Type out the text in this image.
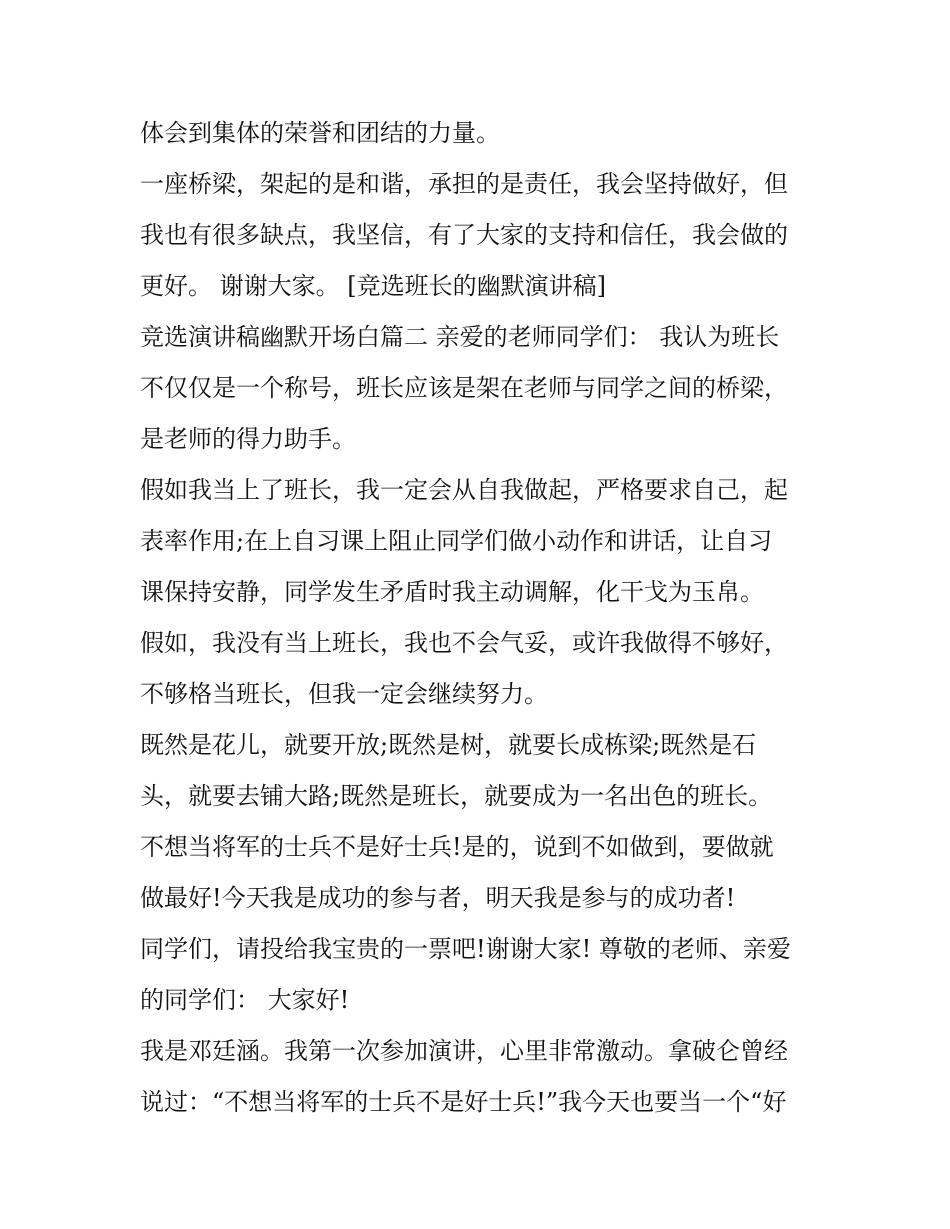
体会到集体的荣誉和团结的力量。
一座桥梁，架起的是和谐，承担的是责任，我会坚持做好，但
我也有很多缺点，我坚信，有了大家的支持和信任，我会做的
更好。 谢谢大家。 [竞选班长的幽默演讲稿]
竞选演讲稿幽默开场白篇二 亲爱的老师同学们： 我认为班长
不仅仅是一个称号，班长应该是架在老师与同学之间的桥梁，
是老师的得力助手。
假如我当上了班长，我一定会从自我做起，严格要求自己，起
表率作用;在上自习课上阻止同学们做小动作和讲话，让自习
课保持安静，同学发生矛盾时我主动调解，化干戈为玉帛。
假如，我没有当上班长，我也不会气妥，或许我做得不够好，
不够格当班长，但我一定会继续努力。
既然是花儿，就要开放;既然是树，就要长成栋梁;既然是石
头，就要去铺大路;既然是班长，就要成为一名出色的班长。
不想当将军的士兵不是好士兵!是的，说到不如做到，要做就
做最好!今天我是成功的参与者，明天我是参与的成功者!
同学们，请投给我宝贵的一票吧!谢谢大家! 尊敬的老师、亲爱
的同学们： 大家好!
我是邓廷涵。我第一次参加演讲，心里非常激动。拿破仑曾经
说过：“不想当将军的士兵不是好士兵!”我今天也要当一个“好
